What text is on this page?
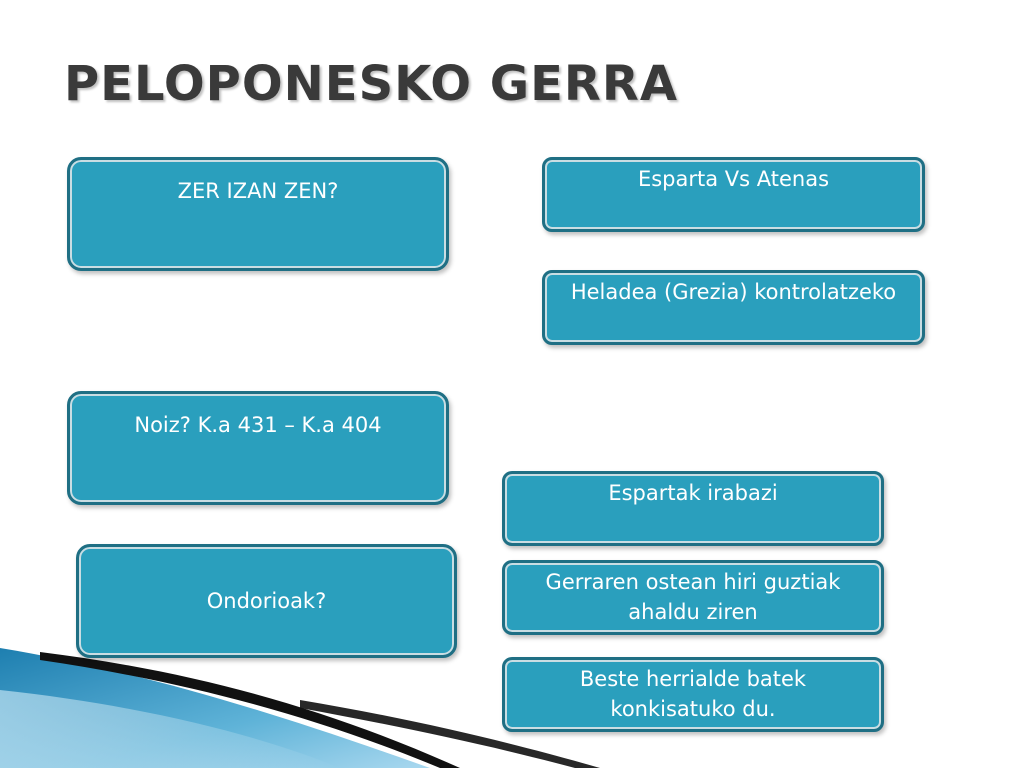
PELOPONESKO GERRA
ZER IZAN ZEN?	Esparta Vs Atenas
Heladea (Grezia) kontrolatzeko
Noiz? K.a 431 – K.a 404
Espartak irabazi
Ondorioak?
Gerraren ostean hiri guztiak ahaldu ziren
Beste herrialde batek konkisatuko du.
